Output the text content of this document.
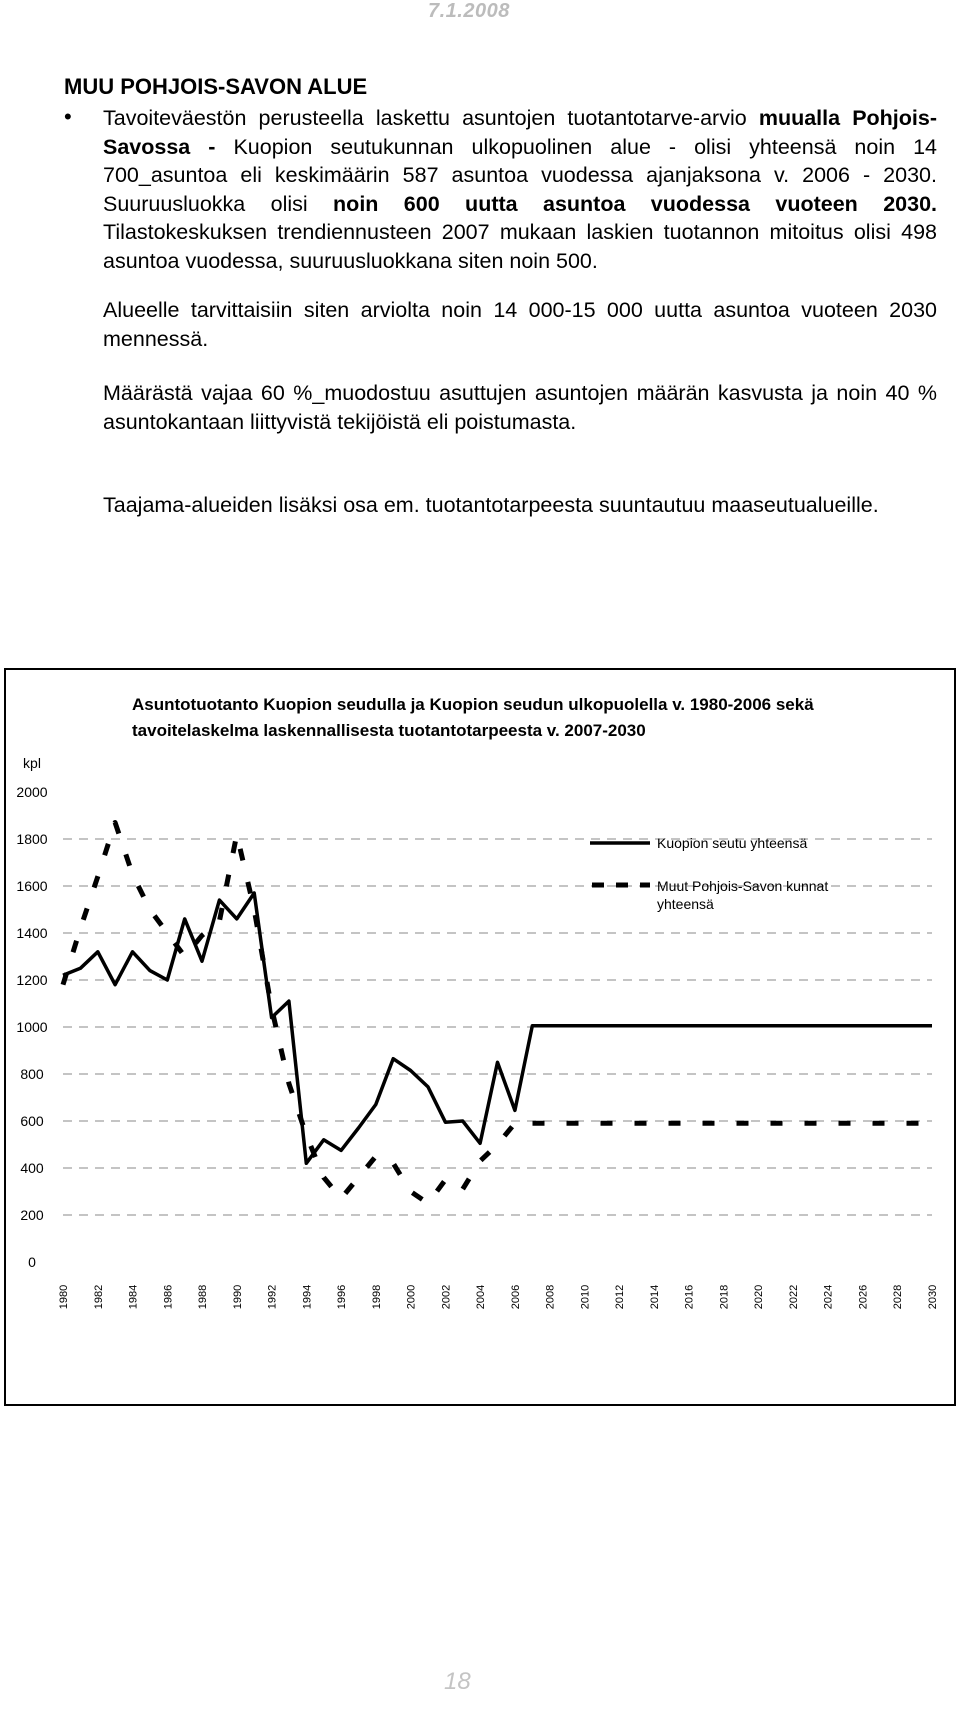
7.1.2008
MUU POHJOIS-SAVON ALUE
•	Tavoiteväestön perusteella laskettu asuntojen tuotantotarve-arvio muualla Pohjois-Savossa - Kuopion seutukunnan ulkopuolinen alue - olisi yhteensä noin 14 700_asuntoa eli keskimäärin 587 asuntoa vuodessa ajanjaksona v. 2006 - 2030. Suuruusluokka olisi noin 600 uutta asuntoa vuodessa vuoteen 2030. Tilastokeskuksen trendiennusteen 2007 mukaan laskien tuotannon mitoitus olisi 498 asuntoa vuodessa, suuruusluokkana siten noin 500.
Alueelle tarvittaisiin siten arviolta noin 14 000-15 000 uutta asuntoa vuoteen 2030 mennessä.
Määrästä vajaa 60 %_muodostuu asuttujen asuntojen määrän kasvusta ja noin 40 % asuntokantaan liittyvistä tekijöistä eli poistumasta.
Taajama-alueiden lisäksi osa em. tuotantotarpeesta suuntautuu maaseutualueille.
Asuntotuotanto Kuopion seudulla ja Kuopion seudun ulkopuolella v. 1980-2006 sekä tavoitelaskelma laskennallisesta tuotantotarpeesta v. 2007-2030
0
200
400
600
800
1000
1200
1400
1600
1800
2000
1980 1982 1984 1986 1988 1990 1992 1994 1996 1998 2000 2002 2004 2006 2008 2010 2012 2014 2016 2018 2020 2022 2024 2026 2028 2030
kpl
Kuopion seutu yhteensä
Muut Pohjois-Savon kunnat yhteensä
18
